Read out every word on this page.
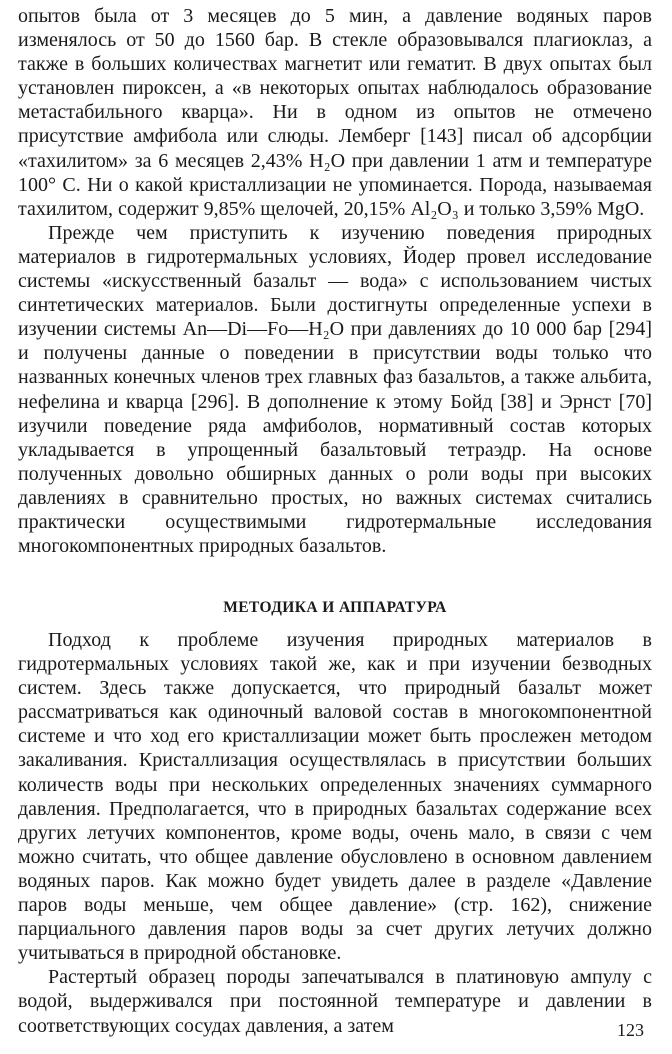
опытов была от 3 месяцев до 5 мин, а давление водяных паров изменялось от 50 до 1560 бар. В стекле образовывался плагиоклаз, а также в больших количествах магнетит или гематит. В двух опытах был установлен пироксен, а «в некоторых опытах наблюдалось образование метастабильного кварца». Ни в одном из опытов не отмечено присутствие амфибола или слюды. Лемберг [143] писал об адсорбции «тахилитом» за 6 месяцев 2,43% H₂O при давлении 1 атм и температуре 100° С. Ни о какой кристаллизации не упоминается. Порода, называемая тахилитом, содержит 9,85% щелочей, 20,15% Al₂O₃ и только 3,59% MgO.

Прежде чем приступить к изучению поведения природных материалов в гидротермальных условиях, Йодер провел исследование системы «искусственный базальт — вода» с использованием чистых синтетических материалов. Были достигнуты определенные успехи в изучении системы An—Di—Fo—H₂O при давлениях до 10 000 бар [294] и получены данные о поведении в присутствии воды только что названных конечных членов трех главных фаз базальтов, а также альбита, нефелина и кварца [296]. В дополнение к этому Бойд [38] и Эрнст [70] изучили поведение ряда амфиболов, нормативный состав которых укладывается в упрощенный базальтовый тетраэдр. На основе полученных довольно обширных данных о роли воды при высоких давлениях в сравнительно простых, но важных системах считались практически осуществимыми гидротермальные исследования многокомпонентных природных базальтов.

МЕТОДИКА И АППАРАТУРА

Подход к проблеме изучения природных материалов в гидротермальных условиях такой же, как и при изучении безводных систем. Здесь также допускается, что природный базальт может рассматриваться как одиночный валовой состав в многокомпонентной системе и что ход его кристаллизации может быть прослежен методом закаливания. Кристаллизация осуществлялась в присутствии больших количеств воды при нескольких определенных значениях суммарного давления. Предполагается, что в природных базальтах содержание всех других летучих компонентов, кроме воды, очень мало, в связи с чем можно считать, что общее давление обусловлено в основном давлением водяных паров. Как можно будет увидеть далее в разделе «Давление паров воды меньше, чем общее давление» (стр. 162), снижение парциального давления паров воды за счет других летучих должно учитываться в природной обстановке.

Растертый образец породы запечатывался в платиновую ампулу с водой, выдерживался при постоянной температуре и давлении в соответствующих сосудах давления, а затем	123
